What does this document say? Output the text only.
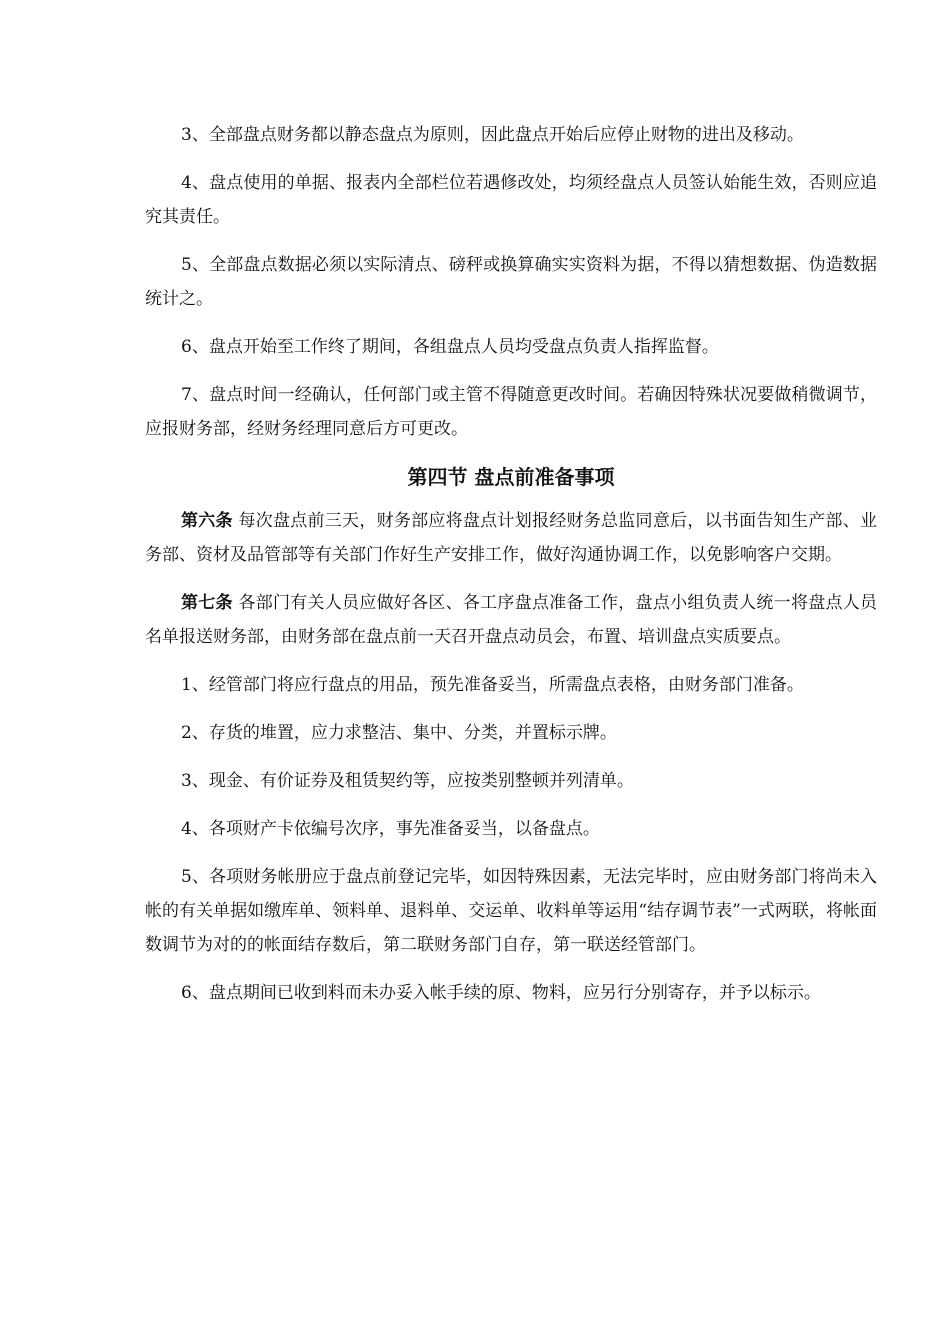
3、全部盘点财务都以静态盘点为原则，因此盘点开始后应停止财物的进出及移动。

4、盘点使用的单据、报表内全部栏位若遇修改处，均须经盘点人员签认始能生效，否则应追究其责任。

5、全部盘点数据必须以实际清点、磅秤或换算确实实资料为据，不得以猜想数据、伪造数据统计之。

6、盘点开始至工作终了期间，各组盘点人员均受盘点负责人指挥监督。

7、盘点时间一经确认，任何部门或主管不得随意更改时间。若确因特殊状况要做稍微调节，应报财务部，经财务经理同意后方可更改。

第四节 盘点前准备事项

第六条 每次盘点前三天，财务部应将盘点计划报经财务总监同意后，以书面告知生产部、业务部、资材及品管部等有关部门作好生产安排工作，做好沟通协调工作，以免影响客户交期。

第七条 各部门有关人员应做好各区、各工序盘点准备工作，盘点小组负责人统一将盘点人员名单报送财务部，由财务部在盘点前一天召开盘点动员会，布置、培训盘点实质要点。

1、经管部门将应行盘点的用品，预先准备妥当，所需盘点表格，由财务部门准备。

2、存货的堆置，应力求整洁、集中、分类，并置标示牌。

3、现金、有价证券及租赁契约等，应按类别整顿并列清单。

4、各项财产卡依编号次序，事先准备妥当，以备盘点。

5、各项财务帐册应于盘点前登记完毕，如因特殊因素，无法完毕时，应由财务部门将尚未入帐的有关单据如缴库单、领料单、退料单、交运单、收料单等运用“结存调节表”一式两联，将帐面数调节为对的的帐面结存数后，第二联财务部门自存，第一联送经管部门。

6、盘点期间已收到料而未办妥入帐手续的原、物料，应另行分别寄存，并予以标示。
